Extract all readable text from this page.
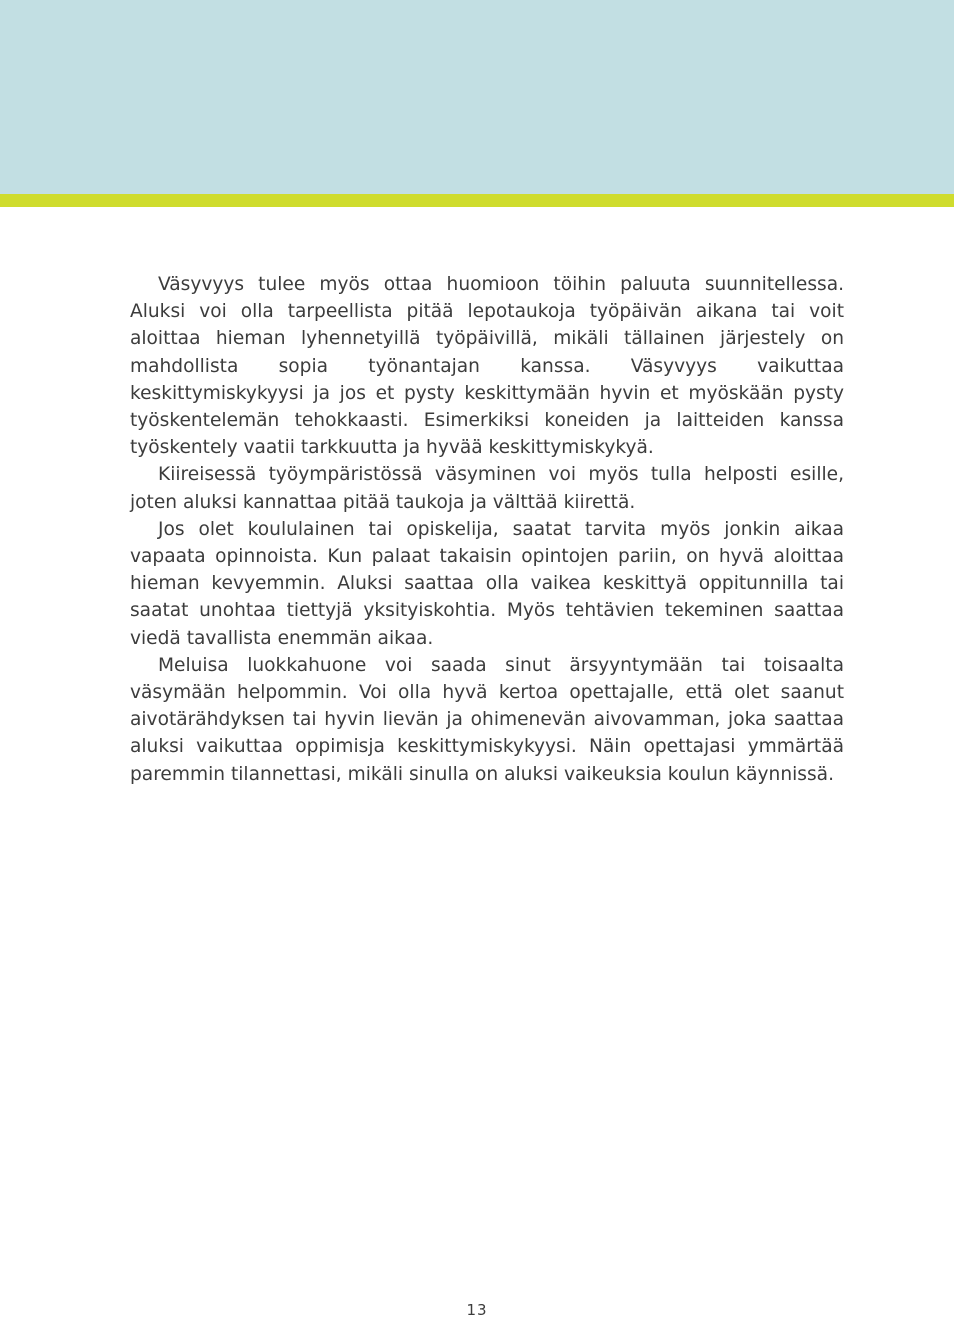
Väsyvyys tulee myös ottaa huomioon töihin paluuta suunnitellessa. Aluksi voi olla tarpeellista pitää lepotaukoja työpäivän aikana tai voit aloittaa hieman lyhennetyillä työpäivillä, mikäli tällainen järjestely on mahdollista sopia työnantajan kanssa. Väsyvyys vaikuttaa keskittymiskykyysi ja jos et pysty keskittymään hyvin et myöskään pysty työskentelemän tehokkaasti. Esimerkiksi koneiden ja laitteiden kanssa työskentely vaatii tarkkuutta ja hyvää keskittymiskykyä.

Kiireisessä työympäristössä väsyminen voi myös tulla helposti esille, joten aluksi kannattaa pitää taukoja ja välttää kiirettä.

Jos olet koululainen tai opiskelija, saatat tarvita myös jonkin aikaa vapaata opinnoista. Kun palaat takaisin opintojen pariin, on hyvä aloittaa hieman kevyemmin. Aluksi saattaa olla vaikea keskittyä oppitunnilla tai saatat unohtaa tiettyjä yksityiskohtia. Myös tehtävien tekeminen saattaa viedä tavallista enemmän aikaa.

Meluisa luokkahuone voi saada sinut ärsyyntymään tai toisaalta väsymään helpommin. Voi olla hyvä kertoa opettajalle, että olet saanut aivotärähdyksen tai hyvin lievän ja ohimenevän aivovamman, joka saattaa aluksi vaikuttaa oppimisja keskittymiskykyysi. Näin opettajasi ymmärtää paremmin tilannettasi, mikäli sinulla on aluksi vaikeuksia koulun käynnissä.

13
